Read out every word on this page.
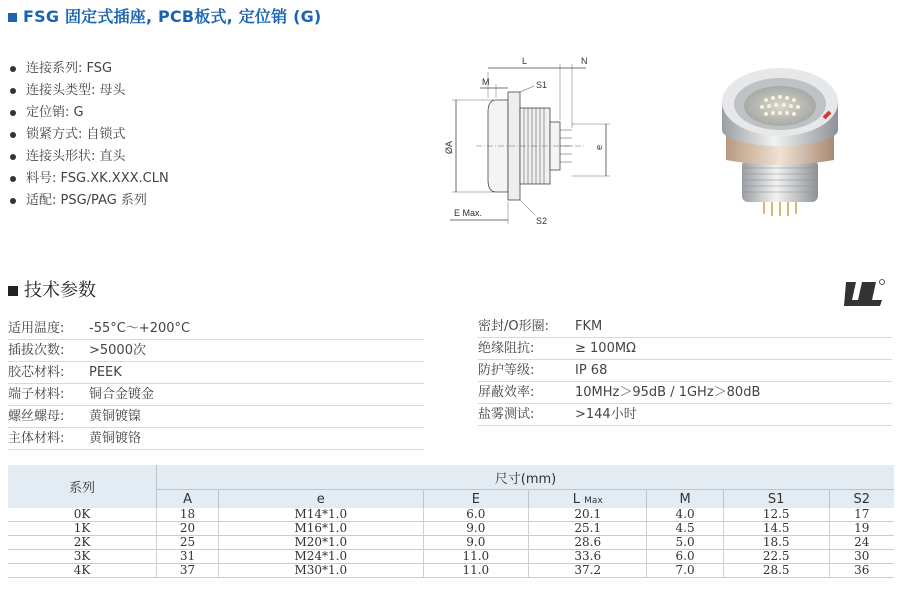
FSG 固定式插座, PCB板式, 定位销 (G)
连接系列: FSG
连接头类型: 母头
定位销: G
锁紧方式: 自锁式
连接头形状: 直头
料号: FSG.XK.XXX.CLN
适配: PSG/PAG 系列
L	N
M	S1
ØA	e
E Max.
S2
技术参数
适用温度: -55°C～+200°C
插拔次数: >5000次
胶芯材料: PEEK
端子材料: 铜合金镀金
螺丝螺母: 黄铜镀镍
主体材料: 黄铜镀铬
密封/O形圈: FKM
绝缘阻抗:	≥ 100MΩ
防护等级:	IP 68
屏蔽效率:	10MHz＞95dB / 1GHz＞80dB
盐雾测试:	>144小时
系列	尺寸(mm)						
	A	e	E	L Max	M	S1	S2
0K	18	M14*1.0	6.0	20.1	4.0	12.5	17
1K	20	M16*1.0	9.0	25.1	4.5	14.5	19
2K	25	M20*1.0	9.0	28.6	5.0	18.5	24
3K	31	M24*1.0	11.0	33.6	6.0	22.5	30
4K	37	M30*1.0	11.0	37.2	7.0	28.5	36
